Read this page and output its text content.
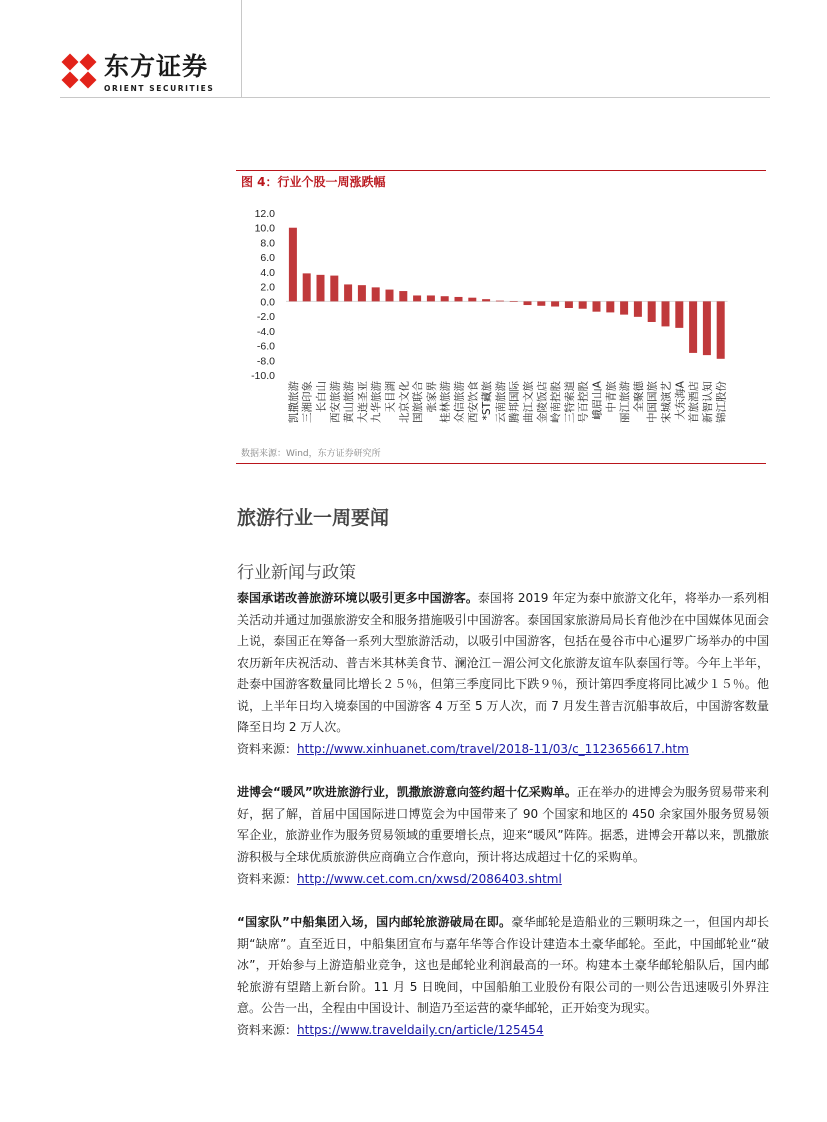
东方证券
ORIENT SECURITIES
图 4：行业个股一周涨跌幅
12.0
10.0
8.0
6.0
4.0
2.0
0.0
-2.0
-4.0
-6.0
-8.0
-10.0
凯撒旅游 三湘印象 长白山 西安旅游 黄山旅游 大连圣亚 九华旅游 天目湖 北京文化 国旅联合 张家界 桂林旅游 众信旅游 西安饮食 *ST藏旅 云南旅游 腾邦国际 曲江文旅 金陵饭店 岭南控股 三特索道 号百控股 峨眉山A 中青旅 丽江旅游 全聚德 中国国旅 宋城演艺 大东海A 首旅酒店 新智认知 锦江股份
数据来源：Wind，东方证券研究所
旅游行业一周要闻
行业新闻与政策

泰国承诺改善旅游环境以吸引更多中国游客。泰国将 2019 年定为泰中旅游文化年，将举办一系列相关活动并通过加强旅游安全和服务措施吸引中国游客。泰国国家旅游局局长育他沙在中国媒体见面会上说，泰国正在筹备一系列大型旅游活动，以吸引中国游客，包括在曼谷市中心暹罗广场举办的中国农历新年庆祝活动、普吉米其林美食节、澜沧江－湄公河文化旅游友谊车队泰国行等。今年上半年，赴泰中国游客数量同比增长２５％，但第三季度同比下跌９％，预计第四季度将同比减少１５％。他说，上半年日均入境泰国的中国游客 4 万至 5 万人次，而 7 月发生普吉沉船事故后，中国游客数量降至日均 2 万人次。

资料来源：http://www.xinhuanet.com/travel/2018-11/03/c_1123656617.htm

进博会“暖风”吹进旅游行业，凯撒旅游意向签约超十亿采购单。正在举办的进博会为服务贸易带来利好，据了解，首届中国国际进口博览会为中国带来了 90 个国家和地区的 450 余家国外服务贸易领军企业，旅游业作为服务贸易领域的重要增长点，迎来“暖风”阵阵。据悉，进博会开幕以来，凯撒旅游积极与全球优质旅游供应商确立合作意向，预计将达成超过十亿的采购单。

资料来源：http://www.cet.com.cn/xwsd/2086403.shtml

“国家队”中船集团入场，国内邮轮旅游破局在即。豪华邮轮是造船业的三颗明珠之一，但国内却长期“缺席”。直至近日，中船集团宣布与嘉年华等合作设计建造本土豪华邮轮。至此，中国邮轮业“破冰”，开始参与上游造船业竞争，这也是邮轮业利润最高的一环。构建本土豪华邮轮船队后，国内邮轮旅游有望踏上新台阶。11 月 5 日晚间，中国船舶工业股份有限公司的一则公告迅速吸引外界注意。公告一出，全程由中国设计、制造乃至运营的豪华邮轮，正开始变为现实。

资料来源：https://www.traveldaily.cn/article/125454
